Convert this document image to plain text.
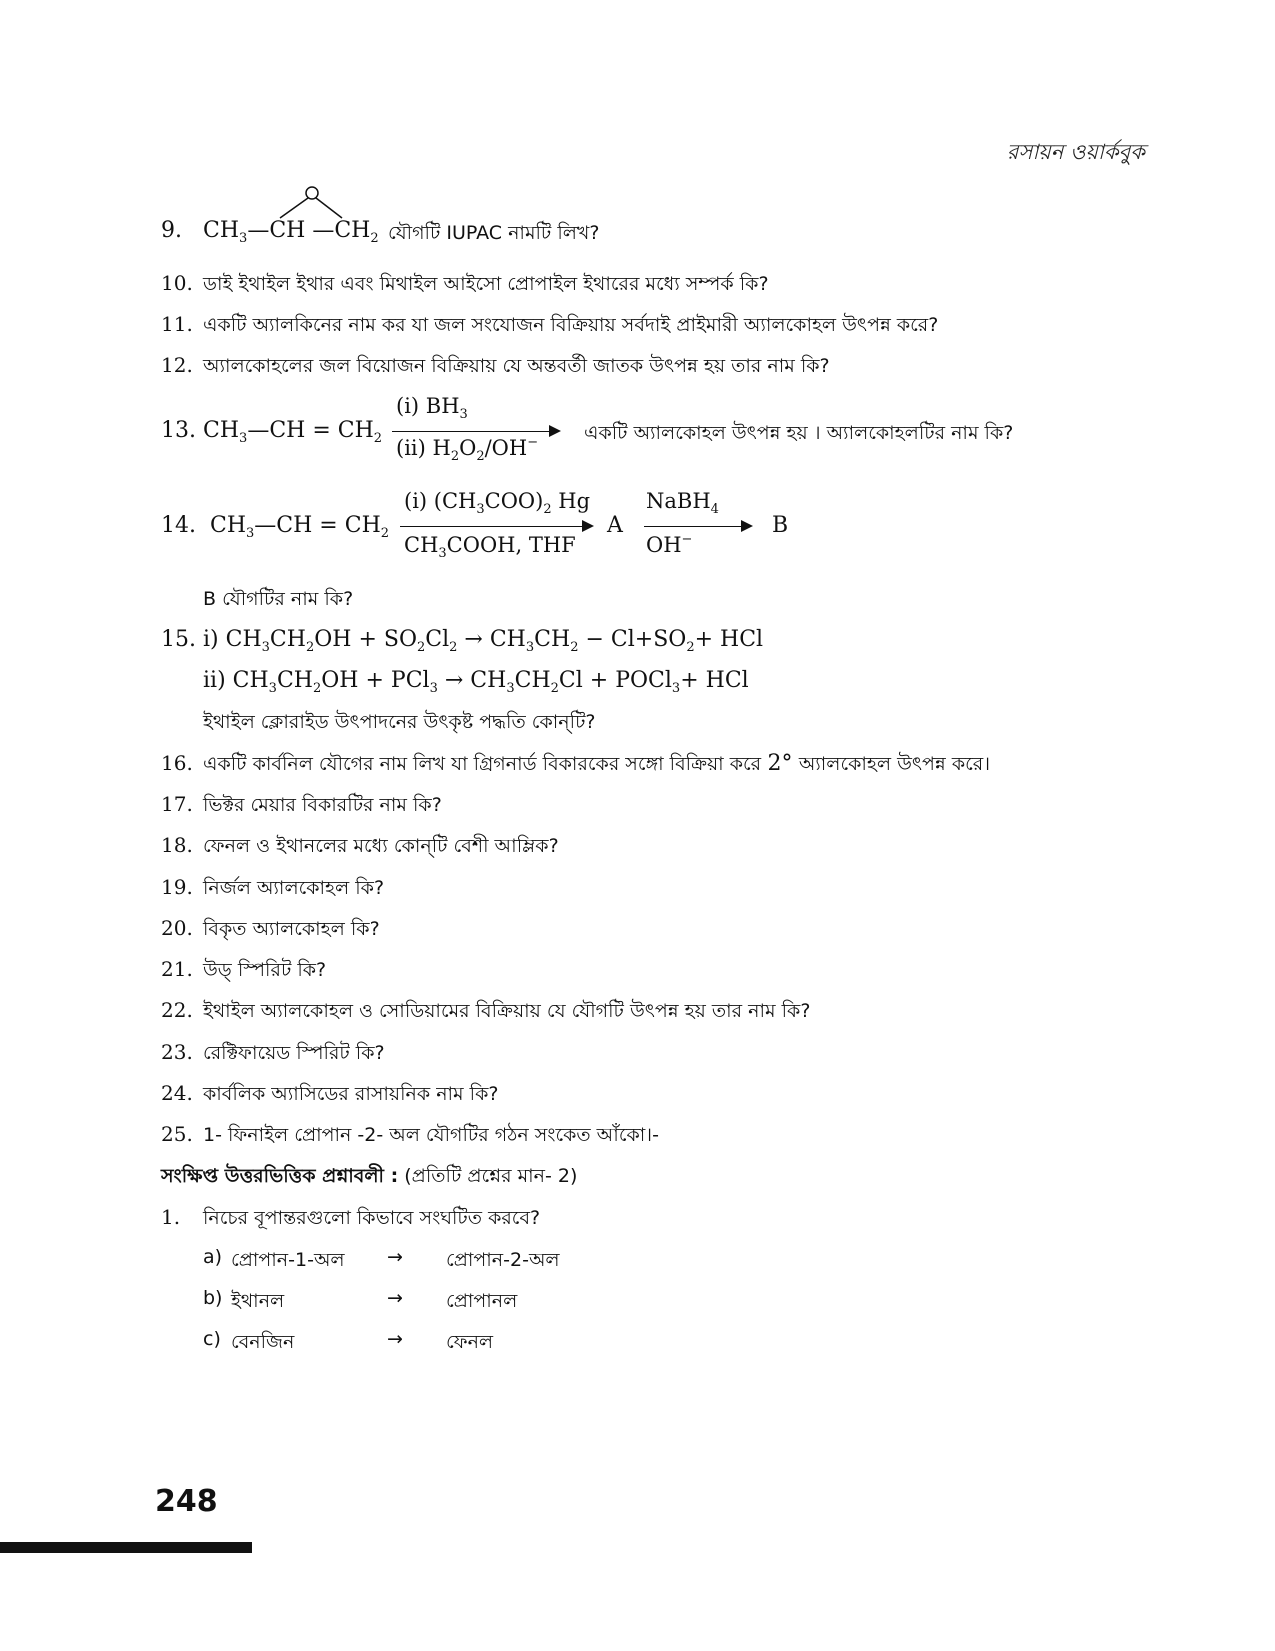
রসায়ন ওয়ার্কবুক
9. $CH_3—CH$ $—CH_2$ যৌগটি IUPAC নামটি লিখ?
10. ডাই ইথাইল ইথার এবং মিথাইল আইসো প্রোপাইল ইথারের মধ্যে সম্পর্ক কি?
11. একটি অ্যালকিনের নাম কর যা জল সংযোজন বিক্রিয়ায় সর্বদাই প্রাইমারী অ্যালকোহল উৎপন্ন করে?
12. অ্যালকোহলের জল বিয়োজন বিক্রিয়ায় যে অন্তবর্তী জাতক উৎপন্ন হয় তার নাম কি?
13. $CH_3—CH = CH_2$
(i) $BH_3$
(ii) $H_2O_2/OH^-$ একটি অ্যালকোহল উৎপন্ন হয় । অ্যালকোহলটির নাম কি?
14. $CH_3—CH = CH_2$
(i) $(CH_3COO)_2$ Hg
$CH_3COOH$, THF
A
NaBH$_4$
OH−
B
B যৌগটির নাম কি?
15. i) $CH_3CH_2OH + SO_2Cl_2 \to CH_3CH_2 - Cl+SO_2+$ HCl
ii) $CH_3CH_2OH + PCl_3 \to CH_3CH_2Cl$ + POCl$_3$+ HCl
ইথাইল ক্লোরাইড উৎপাদনের উৎকৃষ্ট পদ্ধতি কোন্‌টি?
16. একটি কার্বনিল যৌগের নাম লিখ যা গ্রিগনার্ড বিকারকের সঙ্গো বিক্রিয়া করে 2° অ্যালকোহল উৎপন্ন করে।
17. ভিক্টর মেয়ার বিকারটির নাম কি?
18. ফেনল ও ইথানলের মধ্যে কোন্‌টি বেশী আম্লিক?
19. নির্জল অ্যালকোহল কি?
20. বিকৃত অ্যালকোহল কি?
21. উড্ স্পিরিট কি?
22. ইথাইল অ্যালকোহল ও সোডিয়ামের বিক্রিয়ায় যে যৌগটি উৎপন্ন হয় তার নাম কি?
23. রেক্টিফায়েড স্পিরিট কি?
24. কার্বলিক অ্যাসিডের রাসায়নিক নাম কি?
25. 1- ফিনাইল প্রোপান -2- অল যৌগটির গঠন সংকেত আঁকো।-
সংক্ষিপ্ত উত্তরভিত্তিক প্রশ্নাবলী : (প্রতিটি প্রশ্নের মান- 2)
1. নিচের বূপান্তরগুলো কিভাবে সংঘটিত করবে?
a) প্রোপান-1-অল → প্রোপান-2-অল
b) ইথানল	→ প্রোপানল
c) বেনজিন	→ ফেনল
248
